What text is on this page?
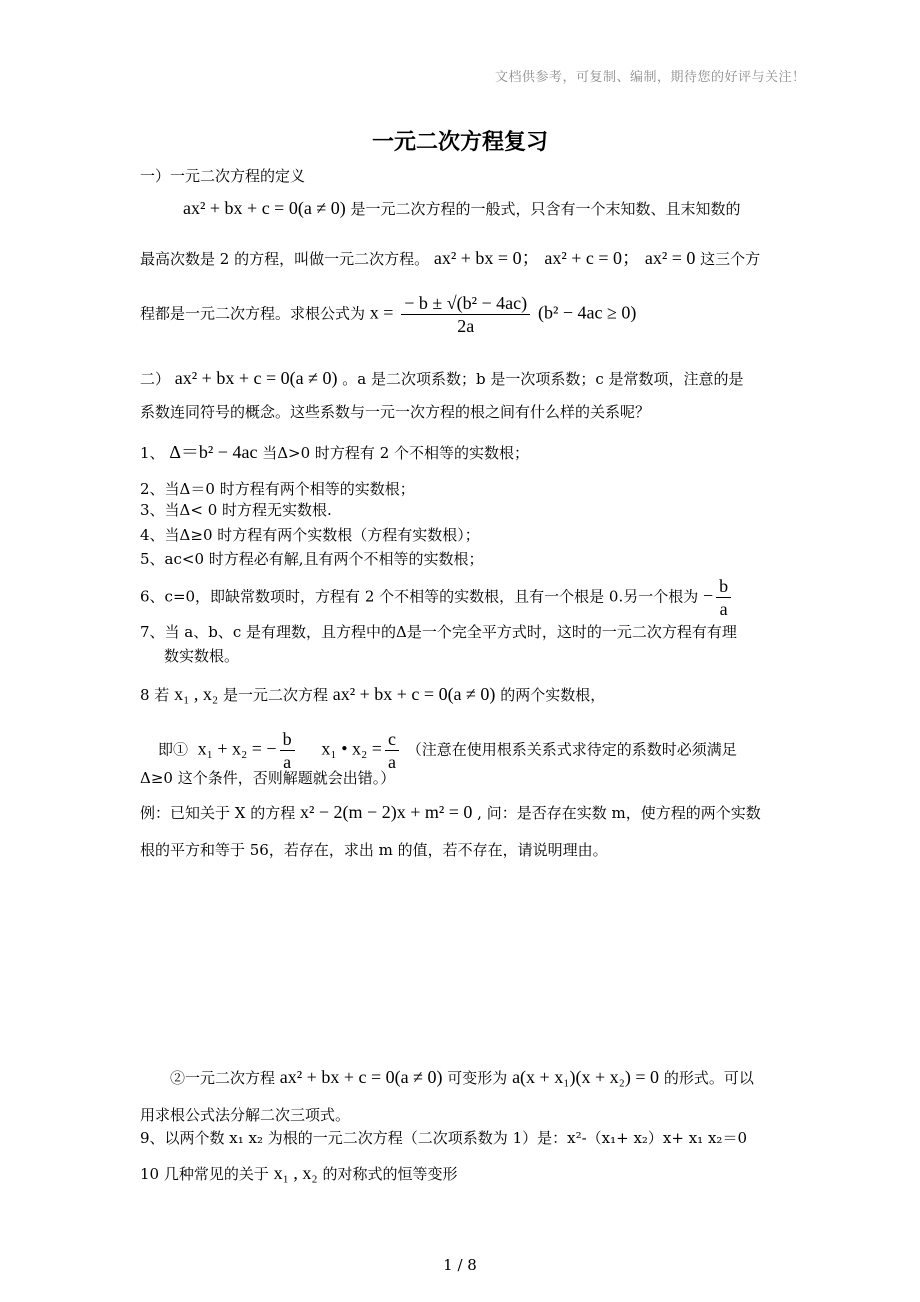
文档供参考，可复制、编制，期待您的好评与关注！
一元二次方程复习
一）一元二次方程的定义
ax² + bx + c = 0(a ≠ 0) 是一元二次方程的一般式，只含有一个末知数、且末知数的
最高次数是 2 的方程，叫做一元二次方程。 ax² + bx = 0； ax² + c = 0； ax² = 0 这三个方
程都是一元二次方程。求根公式为 $x = \frac{\text{− b ± √(b² − 4ac)}}{2a} (b^2 - 4ac \ge 0)$
二） ax² + bx + c = 0(a ≠ 0) 。a 是二次项系数；b 是一次项系数；c 是常数项，注意的是
系数连同符号的概念。这些系数与一元一次方程的根之间有什么样的关系呢？
1、 Δ＝b² − 4ac 当Δ>0 时方程有 2 个不相等的实数根；
2、当Δ＝0 时方程有两个相等的实数根；
3、当Δ< 0 时方程无实数根.
4、当Δ≥0 时方程有两个实数根（方程有实数根）；
5、ac<0 时方程必有解,且有两个不相等的实数根；
6、c=0，即缺常数项时，方程有 2 个不相等的实数根，且有一个根是 0.另一个根为 − $\frac{b}{a}$
7、当 a、b、c 是有理数，且方程中的Δ是一个完全平方式时，这时的一元二次方程有有理
数实数根。
8 若 x₁ , x₂ 是一元二次方程 ax² + bx + c = 0(a ≠ 0) 的两个实数根，
即① x₁ + x₂ = − $\frac{b}{a} x_1$ • $x_2 = \frac{c}{a}$ （注意在使用根系关系式求待定的系数时必须满足
Δ≥0 这个条件，否则解题就会出错。）
例：已知关于 X 的方程 x² − 2(m − 2)x + m² = 0 , 问：是否存在实数 m，使方程的两个实数
根的平方和等于 56，若存在，求出 m 的值，若不存在，请说明理由。
②一元二次方程 ax² + bx + c = 0(a ≠ 0) 可变形为 a(x + x₁)(x + x₂) = 0 的形式。可以
用求根公式法分解二次三项式。
9、以两个数 x₁ x₂ 为根的一元二次方程（二次项系数为 1）是：x²-（x₁+ x₂）x+ x₁ x₂＝0
10 几种常见的关于 x₁ , x₂ 的对称式的恒等变形
1 / 8
